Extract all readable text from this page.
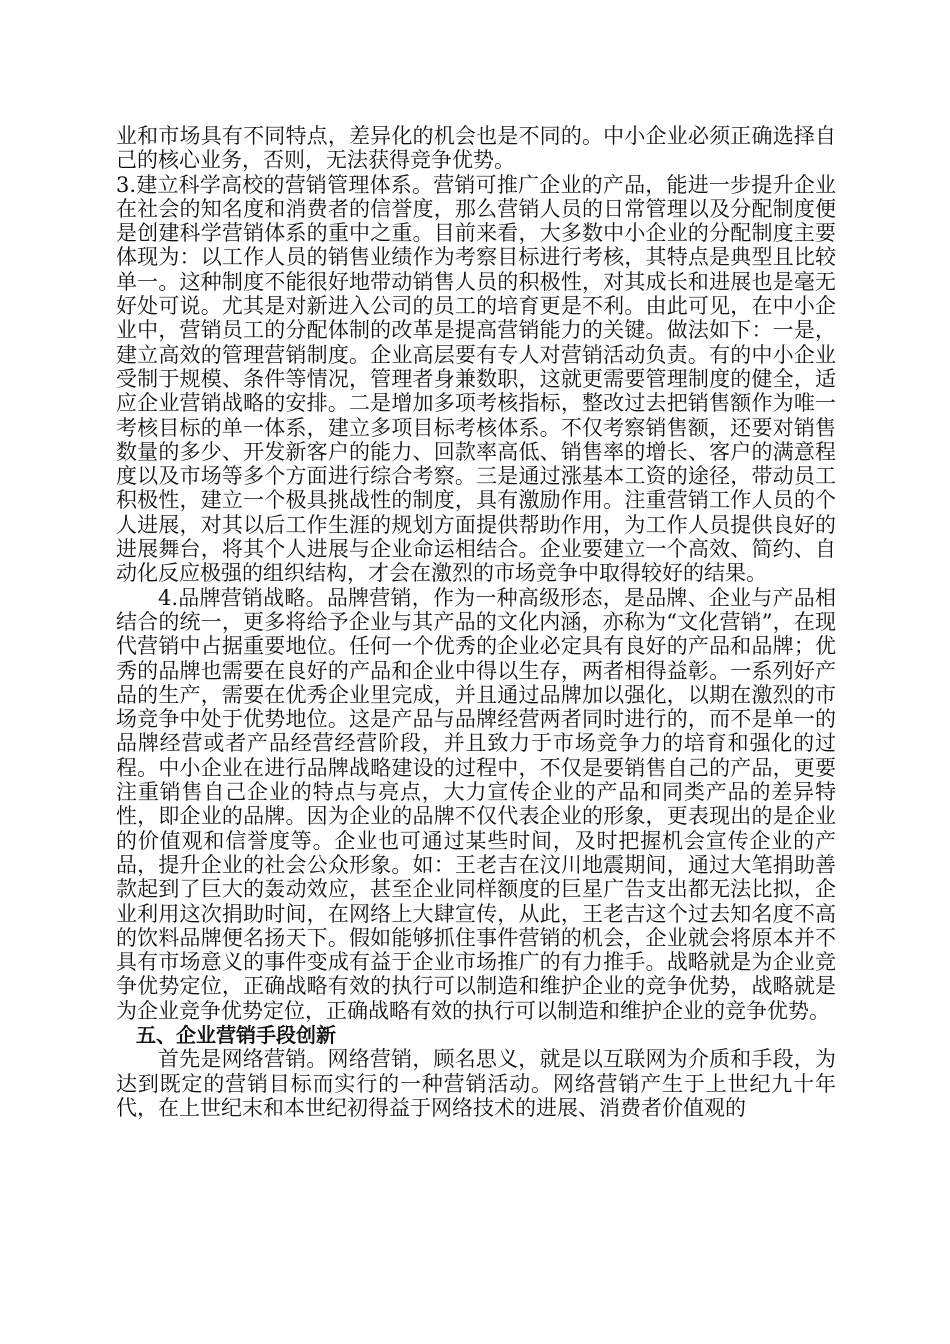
业和市场具有不同特点，差异化的机会也是不同的。中小企业必须正确选择自己的核心业务，否则，无法获得竞争优势。

3.建立科学高校的营销管理体系。营销可推广企业的产品，能进一步提升企业在社会的知名度和消费者的信誉度，那么营销人员的日常管理以及分配制度便是创建科学营销体系的重中之重。目前来看，大多数中小企业的分配制度主要体现为：以工作人员的销售业绩作为考察目标进行考核，其特点是典型且比较单一。这种制度不能很好地带动销售人员的积极性，对其成长和进展也是毫无好处可说。尤其是对新进入公司的员工的培育更是不利。由此可见，在中小企业中，营销员工的分配体制的改革是提高营销能力的关键。做法如下：一是，建立高效的管理营销制度。企业高层要有专人对营销活动负责。有的中小企业受制于规模、条件等情况，管理者身兼数职，这就更需要管理制度的健全，适应企业营销战略的安排。二是增加多项考核指标，整改过去把销售额作为唯一考核目标的单一体系，建立多项目标考核体系。不仅考察销售额，还要对销售数量的多少、开发新客户的能力、回款率高低、销售率的增长、客户的满意程度以及市场等多个方面进行综合考察。三是通过涨基本工资的途径，带动员工积极性，建立一个极具挑战性的制度，具有激励作用。注重营销工作人员的个人进展，对其以后工作生涯的规划方面提供帮助作用，为工作人员提供良好的进展舞台，将其个人进展与企业命运相结合。企业要建立一个高效、简约、自动化反应极强的组织结构，才会在激烈的市场竞争中取得较好的结果。

4.品牌营销战略。品牌营销，作为一种高级形态，是品牌、企业与产品相结合的统一，更多将给予企业与其产品的文化内涵，亦称为“文化营销”，在现代营销中占据重要地位。任何一个优秀的企业必定具有良好的产品和品牌；优秀的品牌也需要在良好的产品和企业中得以生存，两者相得益彰。一系列好产品的生产，需要在优秀企业里完成，并且通过品牌加以强化，以期在激烈的市场竞争中处于优势地位。这是产品与品牌经营两者同时进行的，而不是单一的品牌经营或者产品经营经营阶段，并且致力于市场竞争力的培育和强化的过程。中小企业在进行品牌战略建设的过程中，不仅是要销售自己的产品，更要注重销售自己企业的特点与亮点，大力宣传企业的产品和同类产品的差异特性，即企业的品牌。因为企业的品牌不仅代表企业的形象，更表现出的是企业的价值观和信誉度等。企业也可通过某些时间，及时把握机会宣传企业的产品，提升企业的社会公众形象。如：王老吉在汶川地震期间，通过大笔捐助善款起到了巨大的轰动效应，甚至企业同样额度的巨星广告支出都无法比拟，企业利用这次捐助时间，在网络上大肆宣传，从此，王老吉这个过去知名度不高的饮料品牌便名扬天下。假如能够抓住事件营销的机会，企业就会将原本并不具有市场意义的事件变成有益于企业市场推广的有力推手。战略就是为企业竞争优势定位，正确战略有效的执行可以制造和维护企业的竞争优势，战略就是为企业竞争优势定位，正确战略有效的执行可以制造和维护企业的竞争优势。

五、企业营销手段创新

首先是网络营销。网络营销，顾名思义，就是以互联网为介质和手段，为达到既定的营销目标而实行的一种营销活动。网络营销产生于上世纪九十年代，在上世纪末和本世纪初得益于网络技术的进展、消费者价值观的
